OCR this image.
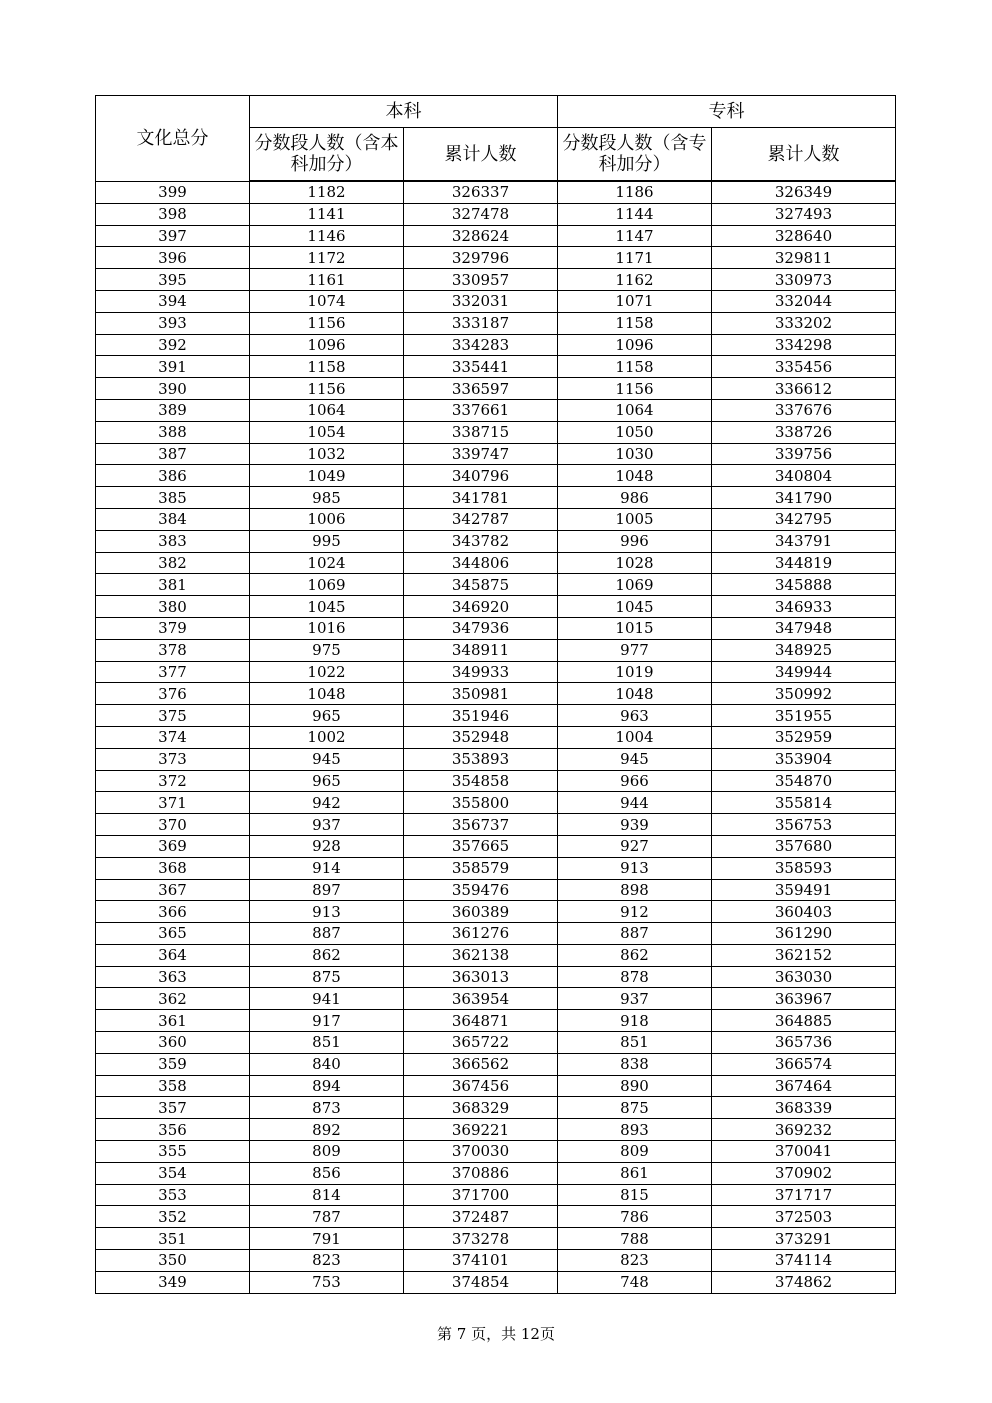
文化总分	本科		专科	
	分数段人数（含本科加分）	累计人数	分数段人数（含专科加分）	累计人数
399	1182	326337	1186	326349
398	1141	327478	1144	327493
397	1146	328624	1147	328640
396	1172	329796	1171	329811
395	1161	330957	1162	330973
394	1074	332031	1071	332044
393	1156	333187	1158	333202
392	1096	334283	1096	334298
391	1158	335441	1158	335456
390	1156	336597	1156	336612
389	1064	337661	1064	337676
388	1054	338715	1050	338726
387	1032	339747	1030	339756
386	1049	340796	1048	340804
385	985	341781	986	341790
384	1006	342787	1005	342795
383	995	343782	996	343791
382	1024	344806	1028	344819
381	1069	345875	1069	345888
380	1045	346920	1045	346933
379	1016	347936	1015	347948
378	975	348911	977	348925
377	1022	349933	1019	349944
376	1048	350981	1048	350992
375	965	351946	963	351955
374	1002	352948	1004	352959
373	945	353893	945	353904
372	965	354858	966	354870
371	942	355800	944	355814
370	937	356737	939	356753
369	928	357665	927	357680
368	914	358579	913	358593
367	897	359476	898	359491
366	913	360389	912	360403
365	887	361276	887	361290
364	862	362138	862	362152
363	875	363013	878	363030
362	941	363954	937	363967
361	917	364871	918	364885
360	851	365722	851	365736
359	840	366562	838	366574
358	894	367456	890	367464
357	873	368329	875	368339
356	892	369221	893	369232
355	809	370030	809	370041
354	856	370886	861	370902
353	814	371700	815	371717
352	787	372487	786	372503
351	791	373278	788	373291
350	823	374101	823	374114
349	753	374854	748	374862
第 7 页，共 12页
